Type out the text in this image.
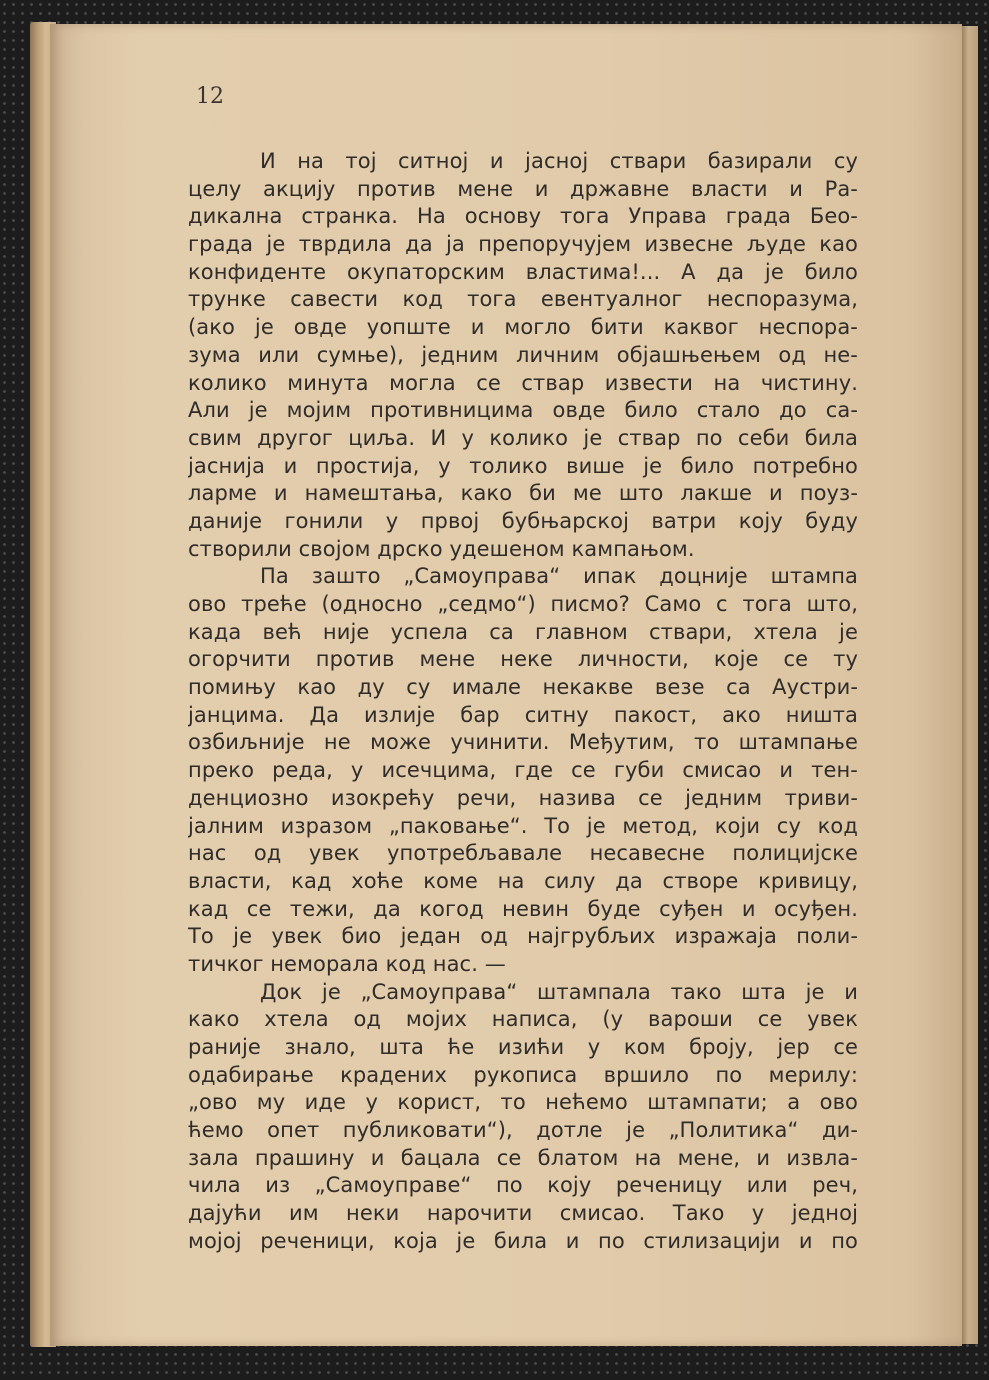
12

И на тој ситној и јасној ствари базирали су
целу акцију против мене и државне власти и Ра-
дикална странка. На основу тога Управа града Бео-
града је тврдила да ја препоручујем извесне људе као
конфиденте окупаторским властима!... А да је било
трунке савести код тога евентуалног неспоразума,
(ако је овде уопште и могло бити каквог неспора-
зума или сумње), једним личним објашњењем од не-
колико минута могла се ствар извести на чистину.
Али је мојим противницима овде било стало до са-
свим другог циља. И у колико је ствар по себи била
јаснија и простија, у толико више је било потребно
ларме и намештања, како би ме што лакше и поуз-
даније гонили у првој бубњарској ватри коју буду
створили својом дрско удешеном кампањом.
Па зашто „Самоуправа“ ипак доцније штампа
ово треће (односно „седмо“) писмо? Само с тога што,
када већ није успела са главном ствари, хтела је
огорчити против мене неке личности, које се ту
помињу као ду су имале некакве везе са Аустри-
јанцима. Да излије бар ситну пакост, ако ништа
озбиљније не може учинити. Међутим, то штампање
преко реда, у исечцима, где се губи смисао и тен-
денциозно изокрећу речи, назива се једним триви-
јалним изразом „паковање“. То је метод, који су код
нас од увек употребљавале несавесне полицијске
власти, кад хоће коме на силу да створе кривицу,
кад се тежи, да когод невин буде суђен и осуђен.
То је увек био један од најгрубљих изражаја поли-
тичког неморала код нас. —
Док је „Самоуправа“ штампала тако шта је и
како хтела од мојих написа, (у вароши се увек
раније знало, шта ће изићи у ком броју, јер се
одабирање крадених рукописа вршило по мерилу:
„ово му иде у корист, то нећемо штампати; а ово
ћемо опет публиковати“), дотле је „Политика“ ди-
зала прашину и бацала се блатом на мене, и извла-
чила из „Самоуправе“ по коју реченицу или реч,
дајући им неки нарочити смисао. Тако у једној
мојој реченици, која је била и по стилизацији и по
